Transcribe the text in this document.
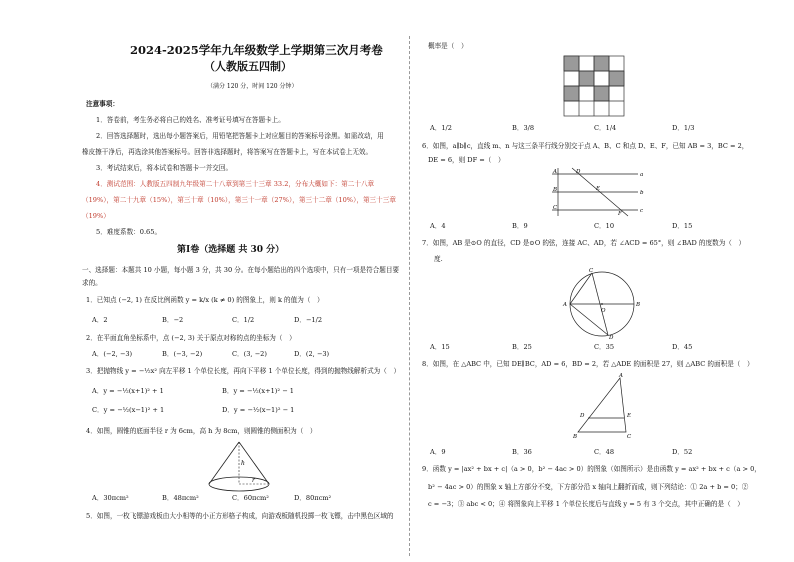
2024-2025学年九年级数学上学期第三次月考卷
（人教版五四制）
（满分 120 分，时间 120 分钟）
注意事项：
1．答卷前，考生务必将自己的姓名、准考证号填写在答题卡上。
2．回答选择题时，选出每小题答案后，用铅笔把答题卡上对应题目的答案标号涂黑。如需改动，用
橡皮擦干净后，再选涂其他答案标号。回答非选择题时，将答案写在答题卡上，写在本试卷上无效。
3．考试结束后，将本试卷和答题卡一并交回。
4．测试范围：人教版五四制九年级第二十八章到第三十三章 33.2，分布大概如下：第二十八章
（19%），第二十九章（15%），第三十章（10%），第三十一章（27%），第三十二章（10%），第三十三章
（19%）
5．难度系数：0.65。
第Ⅰ卷（选择题 共 30 分）
一、选择题：本题共 10 小题，每小题 3 分，共 30 分。在每小题给出的四个选项中，只有一项是符合题目要
求的。
1．已知点 (−2, 1) 在反比例函数 y = k/x (k ≠ 0) 的图象上，则 k 的值为（　）
A．2	B．−2	C．1/2	D．−1/2
2．在平面直角坐标系中，点 (−2, 3) 关于原点对称的点的坐标为（　）
A．(−2, −3)	B．(−3, −2)	C．(3, −2)	D．(2, −3)
3．把抛物线 y = −½x² 向左平移 1 个单位长度，再向下平移 1 个单位长度，得到的抛物线解析式为（　）
A．y = −½(x+1)² + 1	B．y = −½(x+1)² − 1
C．y = −½(x−1)² + 1	D．y = −½(x−1)² − 1
4．如图，圆锥的底面半径 r 为 6cm，高 h 为 8cm，则圆锥的侧面积为（　）
h
r
A．30πcm²	B．48πcm²	C．60πcm²	D．80πcm²
5．如图，一枚飞镖游戏板由大小相等的小正方形格子构成，向游戏板随机投掷一枚飞镖，击中黑色区域的
概率是（　）
A．1/2	B．3/8	C．1/4	D．1/3
6．如图，a∥b∥c，直线 m、n 与这三条平行线分别交于点 A、B、C 和点 D、E、F，已知 AB = 3，BC = 2，
DE = 6，则 DF =（　）
A
B
C
D
E
F
a
b
c
A．4	B．9	C．10	D．15
7．如图，AB 是⊙O 的直径，CD 是⊙O 的弦，连接 AC、AD，若 ∠ACD = 65°，则 ∠BAD 的度数为（　）
度.
A	B
C
D
O
A．15	B．25	C．35	D．45
8．如图，在 △ABC 中，已知 DE∥BC，AD = 6，BD = 2，若 △ADE 的面积是 27，则 △ABC 的面积是（　）
A
B	C
D	E
A．9	B．36	C．48	D．52
9．函数 y = |ax² + bx + c|（a > 0，b² − 4ac > 0）的图象（如图所示）是由函数 y = ax² + bx + c（a > 0，
b² − 4ac > 0）的图象 x 轴上方部分不变，下方部分沿 x 轴向上翻折而成，则下列结论：① 2a + b = 0；②
c = −3；③ abc < 0；④ 将图象向上平移 1 个单位长度后与直线 y = 5 有 3 个交点，其中正确的是（　）
